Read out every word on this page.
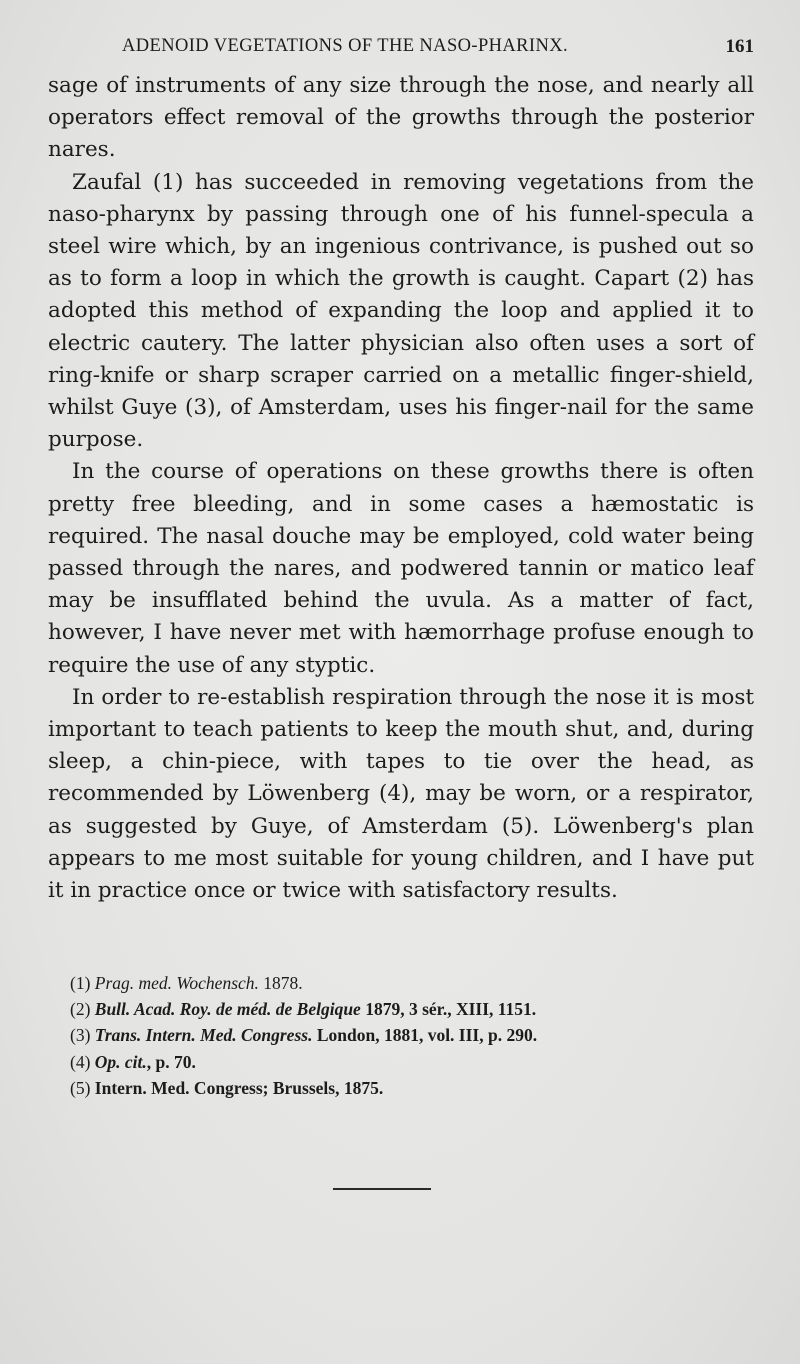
ADENOID VEGETATIONS OF THE NASO-PHARINX.	161

sage of instruments of any size through the nose, and nearly all operators effect removal of the growths through the posterior nares.

Zaufal (1) has succeeded in removing vegetations from the naso-pharynx by passing through one of his funnel-specula a steel wire which, by an ingenious contrivance, is pushed out so as to form a loop in which the growth is caught. Capart (2) has adopted this method of expanding the loop and applied it to electric cautery. The latter physician also often uses a sort of ring-knife or sharp scraper carried on a metallic finger-shield, whilst Guye (3), of Amsterdam, uses his finger-nail for the same purpose.

In the course of operations on these growths there is often pretty free bleeding, and in some cases a hæmostatic is required. The nasal douche may be employed, cold water being passed through the nares, and podwered tannin or matico leaf may be insufflated behind the uvula. As a matter of fact, however, I have never met with hæmorrhage profuse enough to require the use of any styptic.

In order to re-establish respiration through the nose it is most important to teach patients to keep the mouth shut, and, during sleep, a chin-piece, with tapes to tie over the head, as recommended by Löwenberg (4), may be worn, or a respirator, as suggested by Guye, of Amsterdam (5). Löwenberg's plan appears to me most suitable for young children, and I have put it in practice once or twice with satisfactory results.

(1) Prag. med. Wochensch. 1878.
(2) Bull. Acad. Roy. de méd. de Belgique 1879, 3 sér., XIII, 1151.
(3) Trans. Intern. Med. Congress. London, 1881, vol. III, p. 290.
(4) Op. cit., p. 70.
(5) Intern. Med. Congress; Brussels, 1875.
